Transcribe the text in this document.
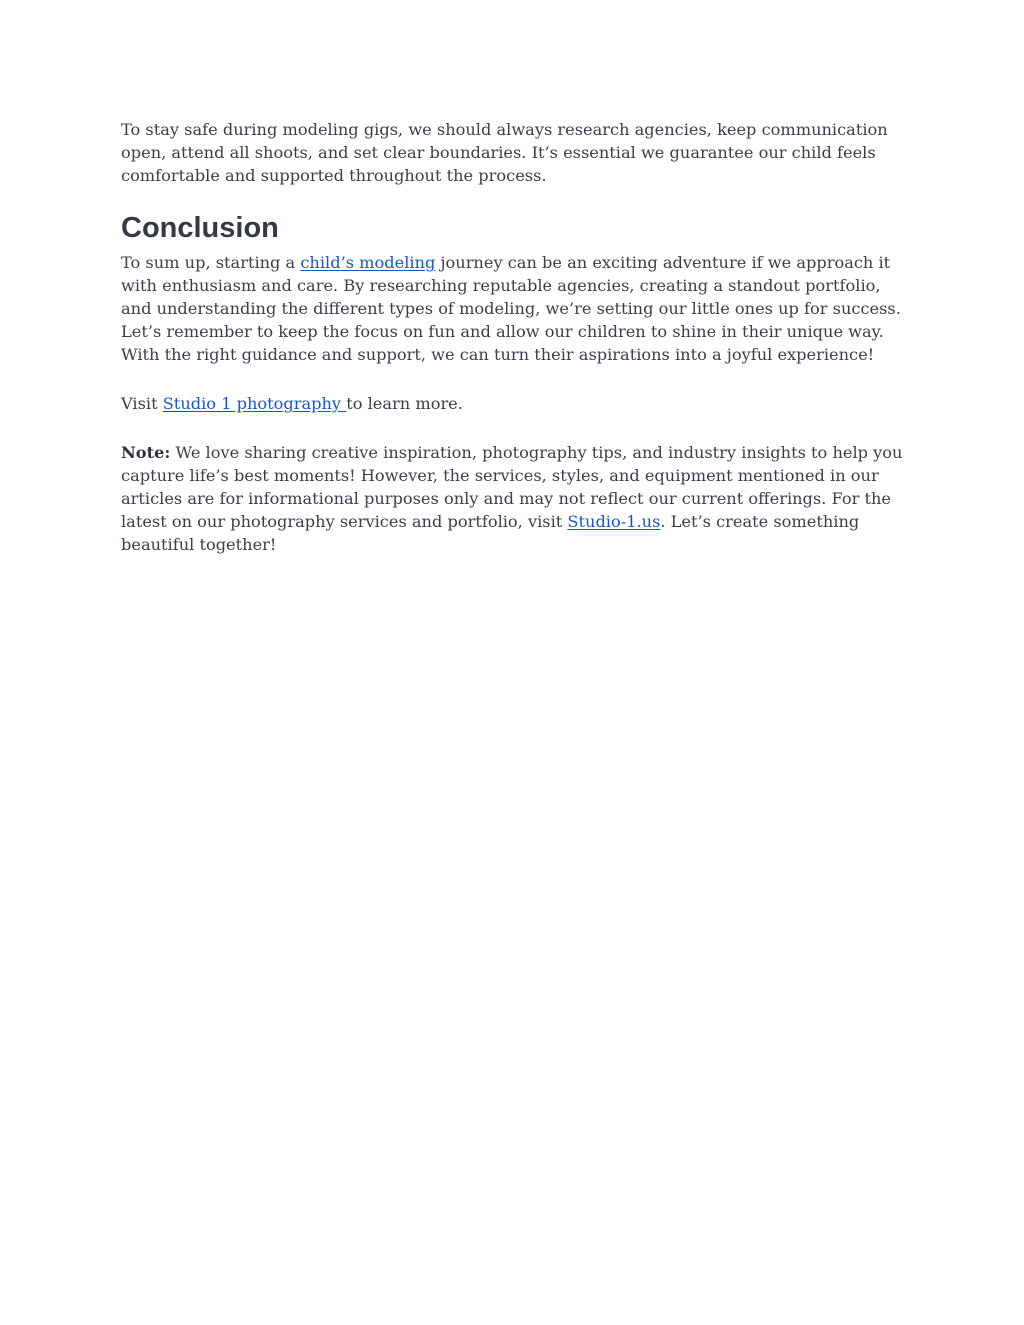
To stay safe during modeling gigs, we should always research agencies, keep communication open, attend all shoots, and set clear boundaries. It’s essential we guarantee our child feels comfortable and supported throughout the process.

Conclusion

To sum up, starting a child’s modeling journey can be an exciting adventure if we approach it with enthusiasm and care. By researching reputable agencies, creating a standout portfolio, and understanding the different types of modeling, we’re setting our little ones up for success. Let’s remember to keep the focus on fun and allow our children to shine in their unique way. With the right guidance and support, we can turn their aspirations into a joyful experience!

Visit Studio 1 photography to learn more.

Note: We love sharing creative inspiration, photography tips, and industry insights to help you capture life’s best moments! However, the services, styles, and equipment mentioned in our articles are for informational purposes only and may not reflect our current offerings. For the latest on our photography services and portfolio, visit Studio-1.us. Let’s create something beautiful together!
